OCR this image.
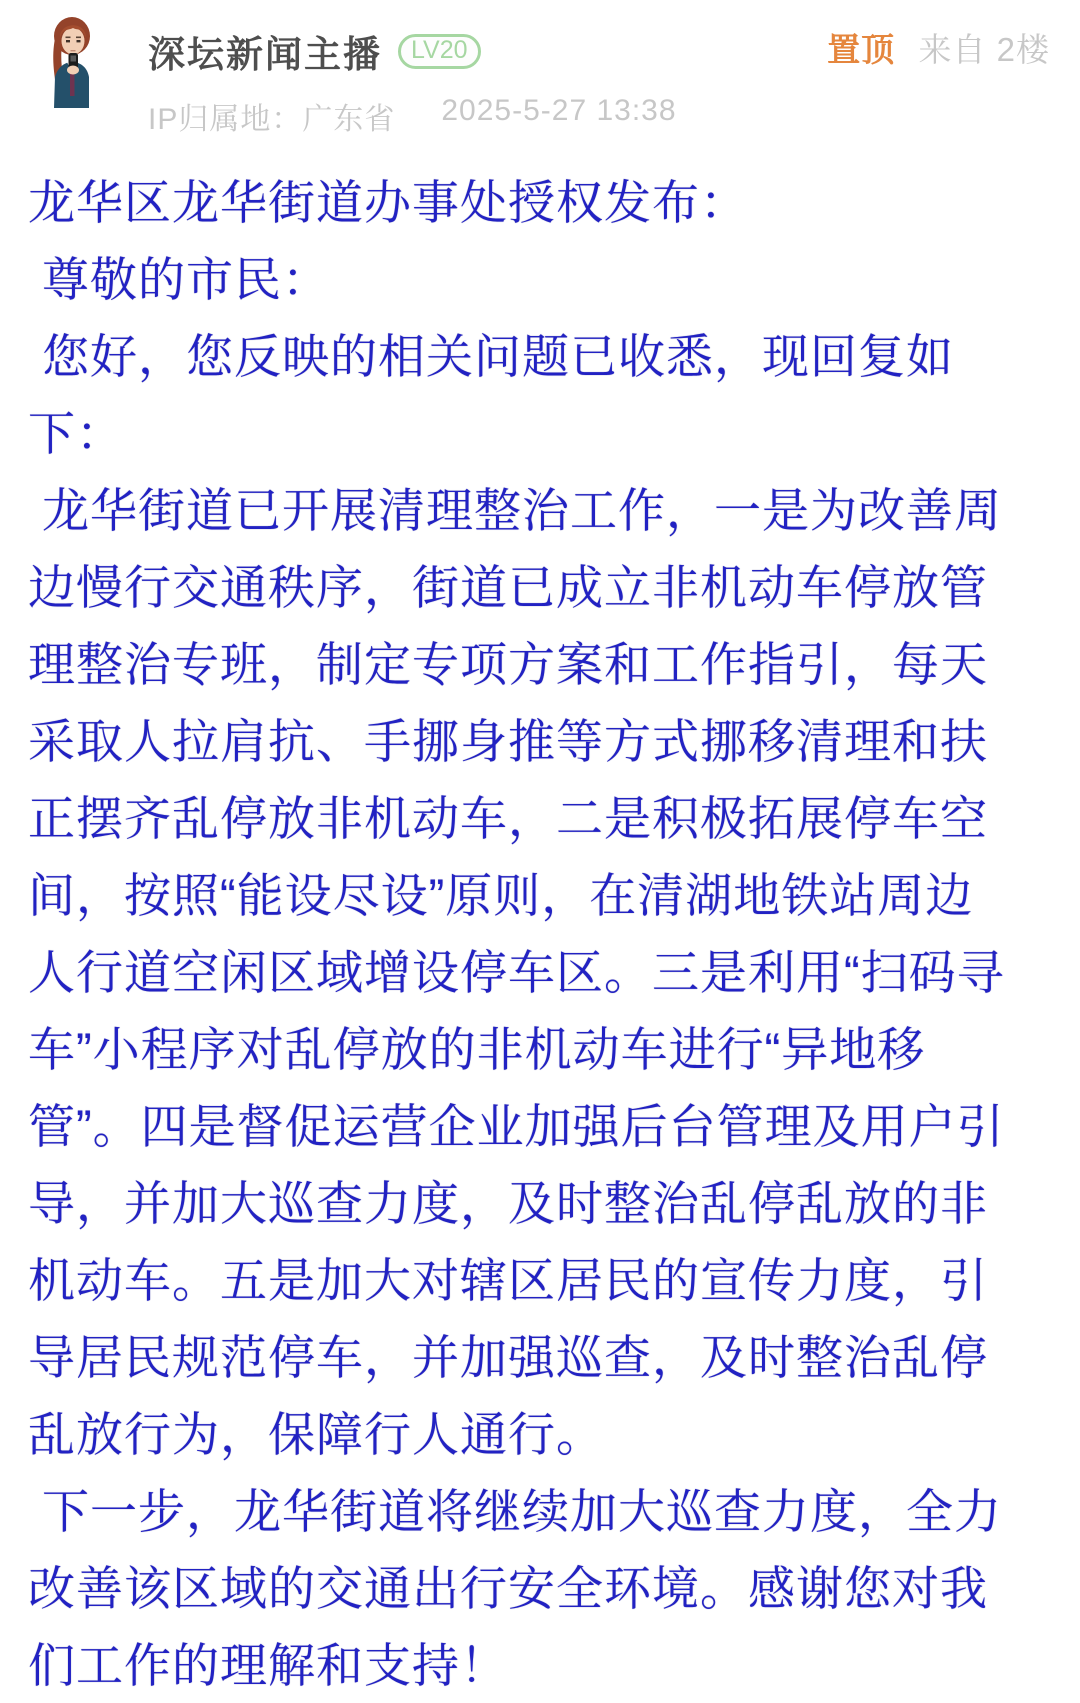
深坛新闻主播	LV20
IP归属地：广东省 2025-5-27 13:38
置顶 来自 2楼
龙华区龙华街道办事处授权发布：
尊敬的市民：
您好，您反映的相关问题已收悉，现回复如
下：
龙华街道已开展清理整治工作，一是为改善周
边慢行交通秩序，街道已成立非机动车停放管
理整治专班，制定专项方案和工作指引，每天
采取人拉肩抗、手挪身推等方式挪移清理和扶
正摆齐乱停放非机动车，二是积极拓展停车空
间，按照“能设尽设”原则，在清湖地铁站周边
人行道空闲区域增设停车区。三是利用“扫码寻
车”小程序对乱停放的非机动车进行“异地移
管”。四是督促运营企业加强后台管理及用户引
导，并加大巡查力度，及时整治乱停乱放的非
机动车。五是加大对辖区居民的宣传力度，引
导居民规范停车，并加强巡查，及时整治乱停
乱放行为，保障行人通行。
下一步，龙华街道将继续加大巡查力度，全力
改善该区域的交通出行安全环境。感谢您对我
们工作的理解和支持！
